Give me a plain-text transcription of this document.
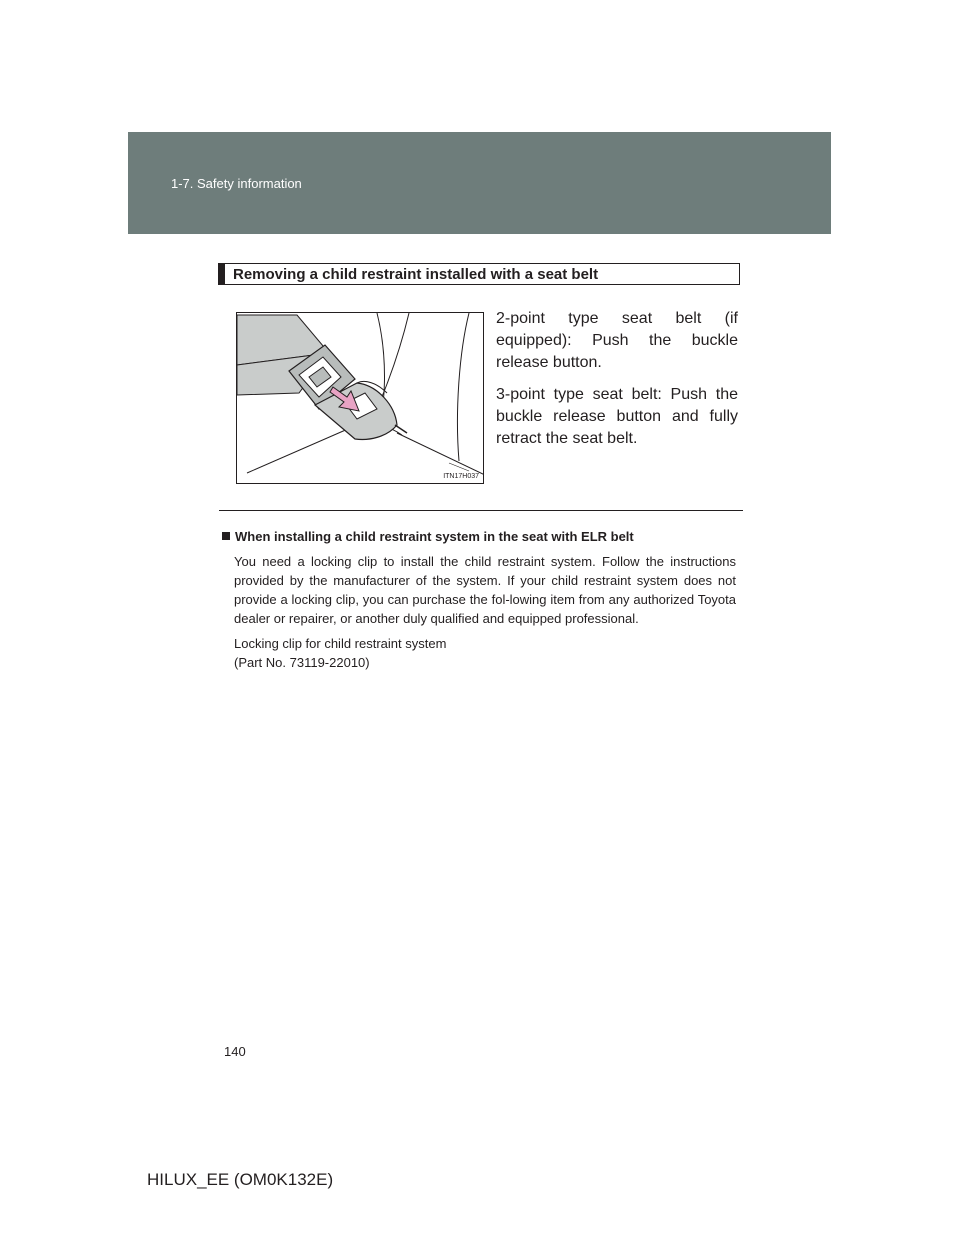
1-7. Safety information
Removing a child restraint installed with a seat belt
ITN17H037

2-point type seat belt (if equipped): Push the buckle release button.

3-point type seat belt: Push the buckle release button and fully retract the seat belt.

When installing a child restraint system in the seat with ELR belt
You need a locking clip to install the child restraint system. Follow the instructions provided by the manufacturer of the system. If your child restraint system does not provide a locking clip, you can purchase the fol-lowing item from any authorized Toyota dealer or repairer, or another duly qualified and equipped professional.
Locking clip for child restraint system
(Part No. 73119-22010)
140
HILUX_EE (OM0K132E)
